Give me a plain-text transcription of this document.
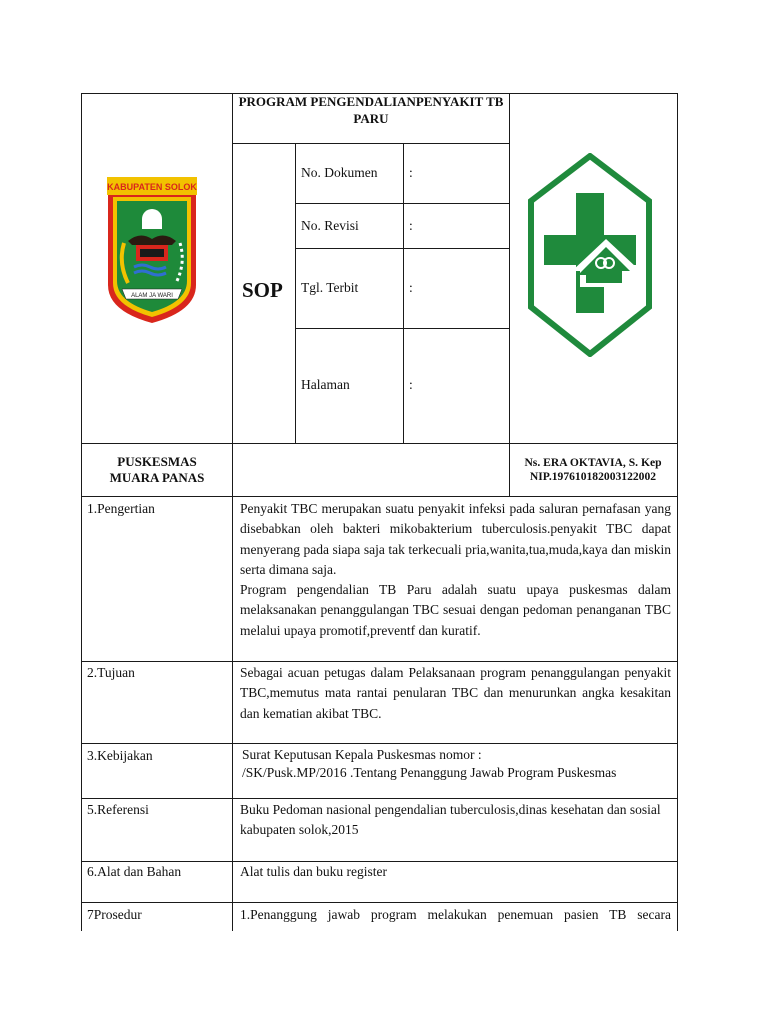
KABUPATEN SOLOK
ALAM JA WARI
PROGRAM PENGENDALIANPENYAKIT TB PARU
SOP
No. Dokumen :
No. Revisi	:
Tgl. Terbit	:
Halaman	:
PUSKESMAS
MUARA PANAS
Ns. ERA OKTAVIA, S. Kep
NIP.197610182003122002
1.Pengertian	Penyakit TBC merupakan suatu penyakit infeksi pada saluran pernafasan yang disebabkan oleh bakteri mikobakterium tuberculosis.penyakit TBC dapat menyerang pada siapa saja tak terkecuali pria,wanita,tua,muda,kaya dan miskin serta dimana saja.

Program pengendalian TB Paru adalah suatu upaya puskesmas dalam melaksanakan penanggulangan TBC sesuai dengan pedoman penanganan TBC melalui upaya promotif,preventf dan kuratif.

2.Tujuan	Sebagai acuan petugas dalam Pelaksanaan program penanggulangan penyakit TBC,memutus mata rantai penularan TBC dan menurunkan angka kesakitan dan kematian akibat TBC.

3.Kebijakan	Surat Keputusan Kepala Puskesmas nomor :

/SK/Pusk.MP/2016 .Tentang Penanggung Jawab Program Puskesmas

5.Referensi	Buku Pedoman nasional pengendalian tuberculosis,dinas kesehatan dan sosial kabupaten solok,2015

6.Alat dan Bahan	Alat tulis dan buku register

7Prosedur	1.Penanggung jawab program melakukan penemuan pasien TB secara
